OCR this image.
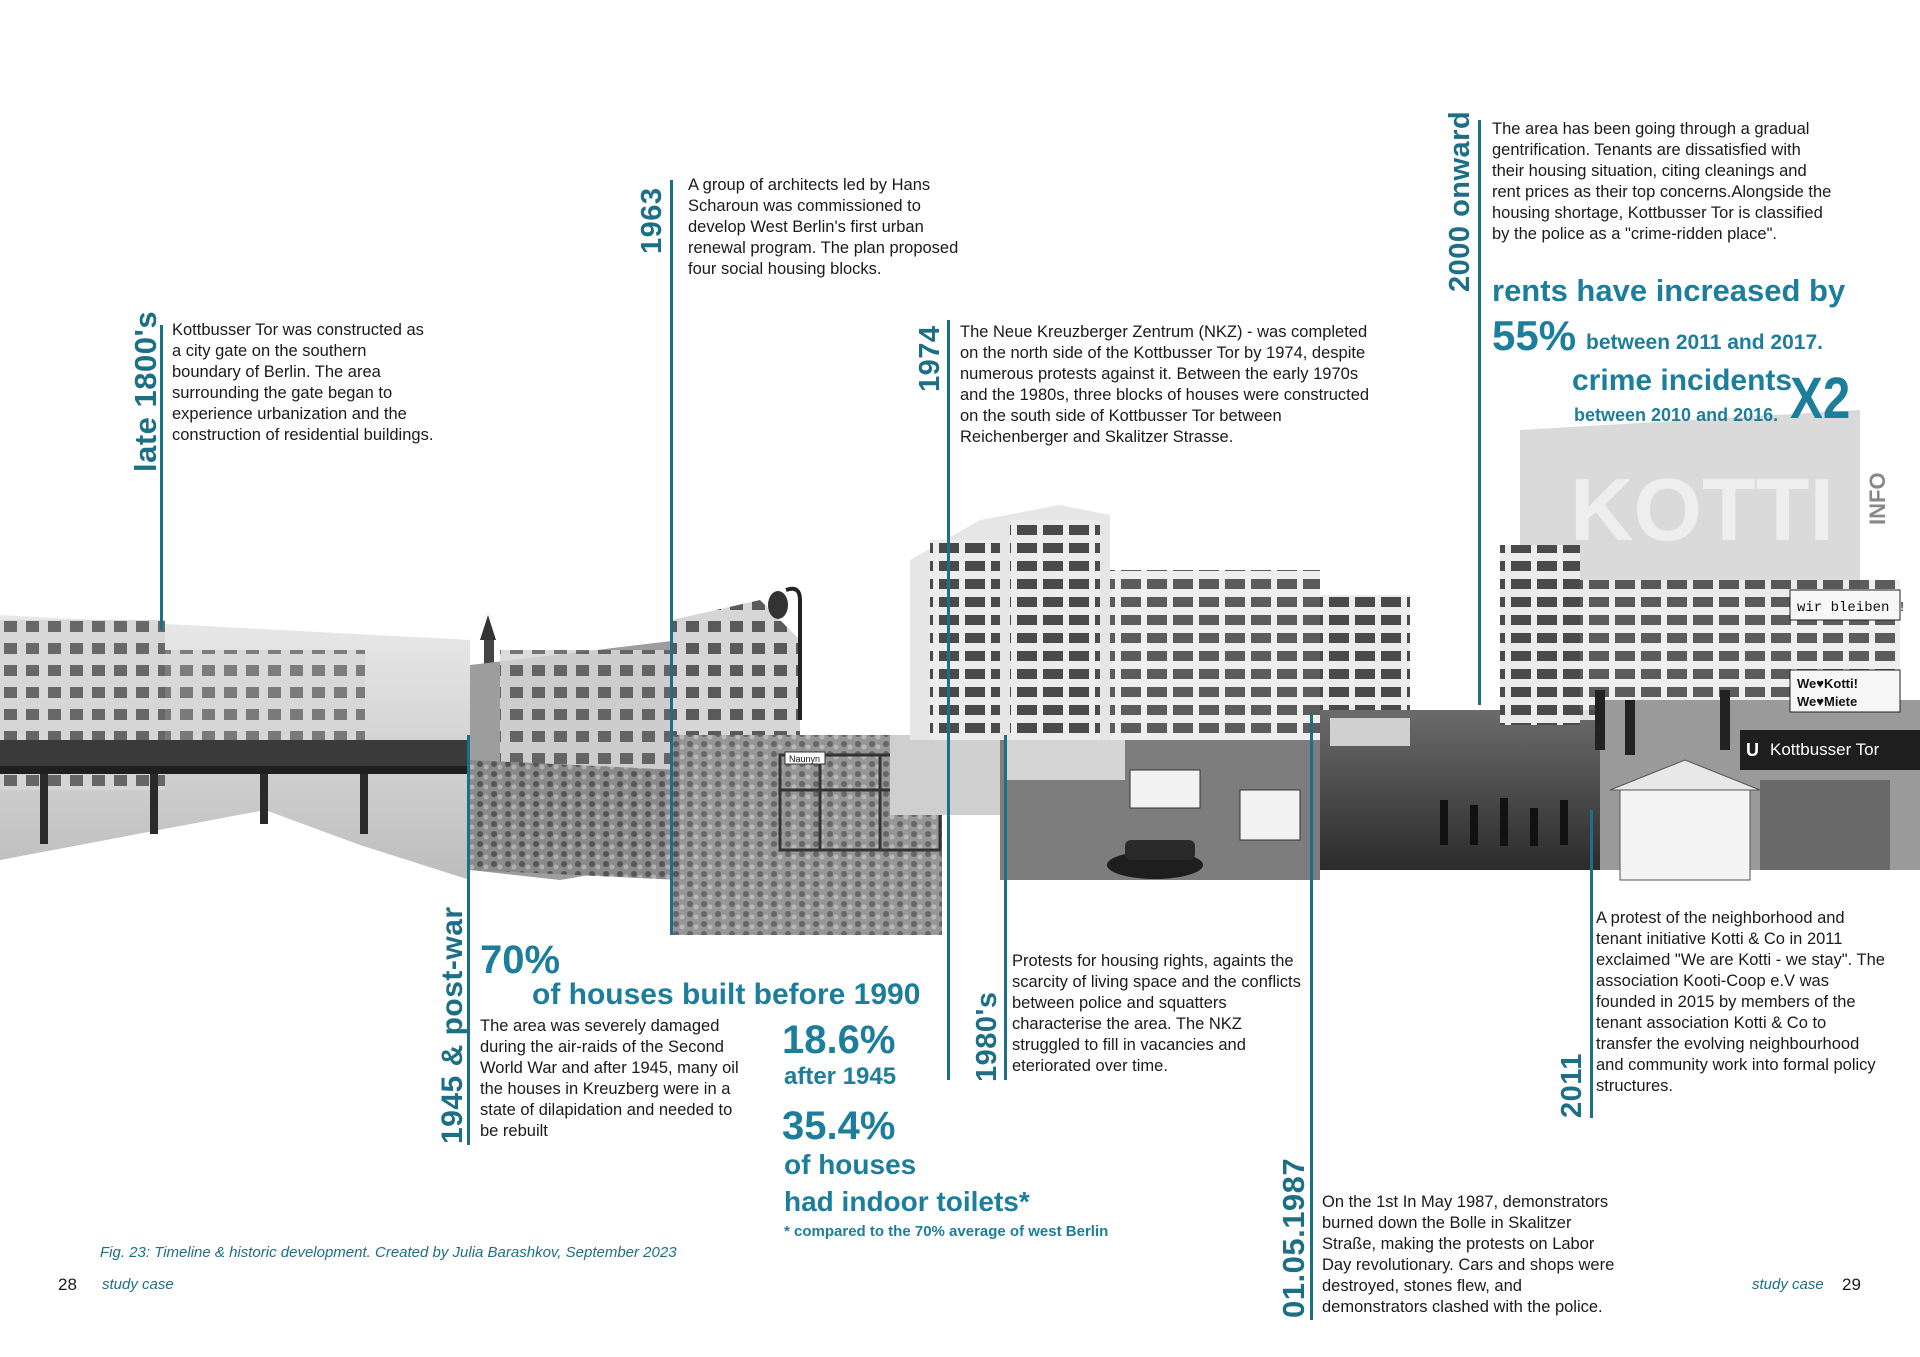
KOTTI INFO
wir bleiben !
We♥Kotti!
We♥Miete
Kottbusser Tor
U
Naunyn
late 1800's
1945 & post-war
1963
1974
1980's
01.05.1987
2000 onward
2011
Kottbusser Tor was constructed as a city gate on the southern boundary of Berlin. The area surrounding the gate began to experience urbanization and the construction of residential buildings.
The area was severely damaged during the air-raids of the Second World War and after 1945, many oil the houses in Kreuzberg were in a state of dilapidation and needed to be rebuilt
A group of architects led by Hans Scharoun was commissioned to develop West Berlin's first urban renewal program. The plan proposed four social housing blocks.
The Neue Kreuzberger Zentrum (NKZ) - was completed on the north side of the Kottbusser Tor by 1974, despite numerous protests against it. Between the early 1970s and the 1980s, three blocks of houses were constructed on the south side of Kottbusser Tor between Reichenberger and Skalitzer Strasse.
Protests for housing rights, againts the scarcity of living space and the conflicts between police and squatters characterise the area. The NKZ struggled to fill in vacancies and eteriorated over time.
On the 1st In May 1987, demonstrators burned down the Bolle in Skalitzer Straße, making the protests on Labor Day revolutionary. Cars and shops were destroyed, stones flew, and demonstrators clashed with the police.
The area has been going through a gradual gentrification. Tenants are dissatisfied with their housing situation, citing cleanings and rent prices as their top concerns.Alongside the housing shortage, Kottbusser Tor is classified by the police as a "crime-ridden place".
A protest of the neighborhood and tenant initiative Kotti & Co in 2011 exclaimed "We are Kotti - we stay". The association Kooti-Coop e.V was founded in 2015 by members of the tenant association Kotti & Co to transfer the evolving neighbourhood and community work into formal policy structures.
70%
of houses built before 1990
18.6%
after 1945
35.4%
of houses
had indoor toilets*
* compared to the 70% average of west Berlin
rents have increased by
55% between 2011 and 2017.
crime incidents
between 2010 and 2016. X2
Fig. 23: Timeline & historic development. Created by Julia Barashkov, September 2023
28 study case	study case 29
